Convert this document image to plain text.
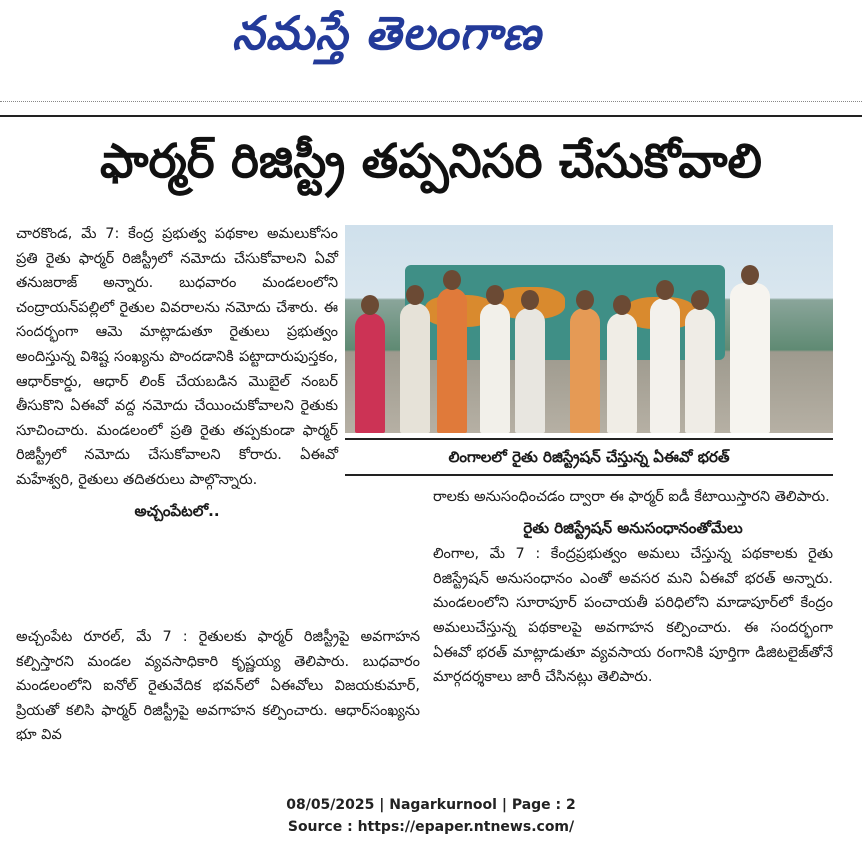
నమస్తే తెలంగాణ
ఫార్మర్ రిజిస్ట్రీ తప్పనిసరి చేసుకోవాలి

చారకొండ, మే 7: కేంద్ర ప్రభుత్వ పథకాల అమలుకోసం ప్రతి రైతు ఫార్మర్ రిజిస్ట్రీలో నమోదు చేసుకోవాలని ఏవో తనుజరాజ్ అన్నారు. బుధవారం మండలంలోని చంద్రాయన్‌పల్లిలో రైతుల వివరాలను నమోదు చేశారు. ఈ సందర్భంగా ఆమె మాట్లాడుతూ రైతులు ప్రభుత్వం అందిస్తున్న విశిష్ట సంఖ్యను పొందడానికి పట్టాదారుపుస్తకం, ఆధార్‌కార్డు, ఆధార్ లింక్ చేయబడిన మొబైల్ నంబర్ తీసుకొని ఏఈవో వద్ద నమోదు చేయించుకోవాలని రైతుకు సూచించారు. మండలంలో ప్రతి రైతు తప్పకుండా ఫార్మర్ రిజిస్ట్రీలో నమోదు చేసుకోవాలని కోరారు. ఏఈవో మహేశ్వరి, రైతులు తదితరులు పాల్గొన్నారు.

అచ్చంపేటలో..

అచ్చంపేట రూరల్, మే 7 : రైతులకు ఫార్మర్ రిజిస్ట్రీపై అవగాహన కల్పిస్తారని మండల వ్యవసాధికారి కృష్ణయ్య తెలిపారు. బుధవారం మండలంలోని ఐనోల్ రైతువేదిక భవన్‌లో ఏఈవోలు విజయకుమార్, ప్రియతో కలిసి ఫార్మర్ రిజిస్ట్రీపై అవగాహన కల్పించారు. ఆధార్‌సంఖ్యను భూ వివ

లింగాలలో రైతు రిజిస్ట్రేషన్ చేస్తున్న ఏఈవో భరత్

రాలకు అనుసంధించడం ద్వారా ఈ ఫార్మర్ ఐడీ కేటాయిస్తారని తెలిపారు.

రైతు రిజిస్ట్రేషన్ అనుసంధానంతోమేలు

లింగాల, మే 7 : కేంద్రప్రభుత్వం అమలు చేస్తున్న పథకాలకు రైతు రిజిస్ట్రేషన్ అనుసంధానం ఎంతో అవసర మని ఏఈవో భరత్ అన్నారు. మండలంలోని సూరాపూర్ పంచాయతీ పరిధిలోని మాడాపూర్‌లో కేంద్రం అమలుచేస్తున్న పథకాలపై అవగాహన కల్పించారు. ఈ సందర్భంగా ఏఈవో భరత్ మాట్లాడుతూ వ్యవసాయ రంగానికి పూర్తిగా డిజిటలైజ్‌తోనే మార్గదర్శకాలు జారీ చేసినట్లు తెలిపారు.

08/05/2025 | Nagarkurnool | Page : 2
Source : https://epaper.ntnews.com/
